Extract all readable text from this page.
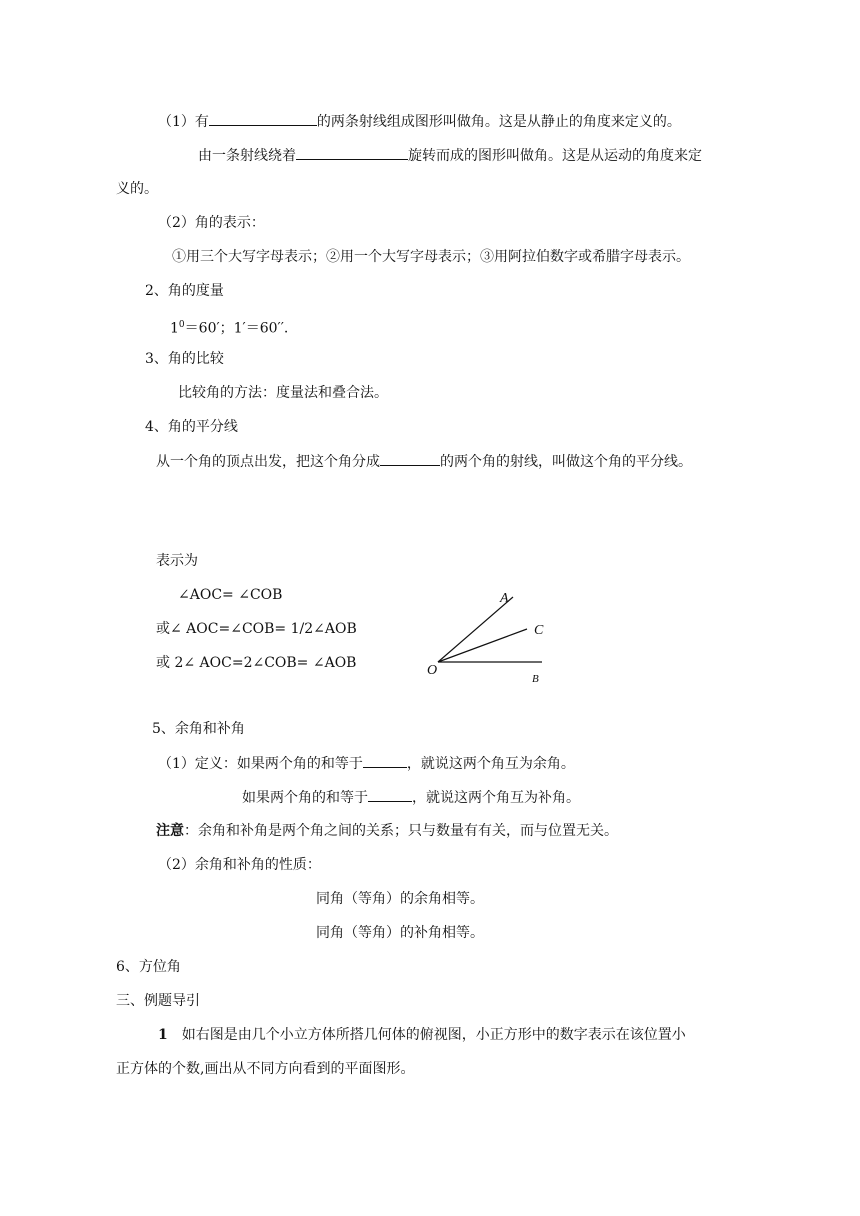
（1）有	的两条射线组成图形叫做角。这是从静止的角度来定义的。
由一条射线绕着	旋转而成的图形叫做角。这是从运动的角度来定
义的。
（2）角的表示：
①用三个大写字母表示；②用一个大写字母表示；③用阿拉伯数字或希腊字母表示。
2、角的度量
$1^0=60'$；1′＝60′′.
3、角的比较
比较角的方法：度量法和叠合法。
4、角的平分线
从一个角的顶点出发，把这个角分成	的两个角的射线，叫做这个角的平分线。
表示为
∠AOC= ∠COB
或∠ AOC=∠COB= 1/2∠AOB
或 2∠ AOC=2∠COB= ∠AOB
A
C
O
B
5、余角和补角
（1）定义：如果两个角的和等于	，就说这两个角互为余角。
如果两个角的和等于	，就说这两个角互为补角。
注意：余角和补角是两个角之间的关系；只与数量有有关，而与位置无关。
（2）余角和补角的性质：
同角（等角）的余角相等。
同角（等角）的补角相等。
6、方位角
三、例题导引
1 如右图是由几个小立方体所搭几何体的俯视图，小正方形中的数字表示在该位置小
正方体的个数,画出从不同方向看到的平面图形。
